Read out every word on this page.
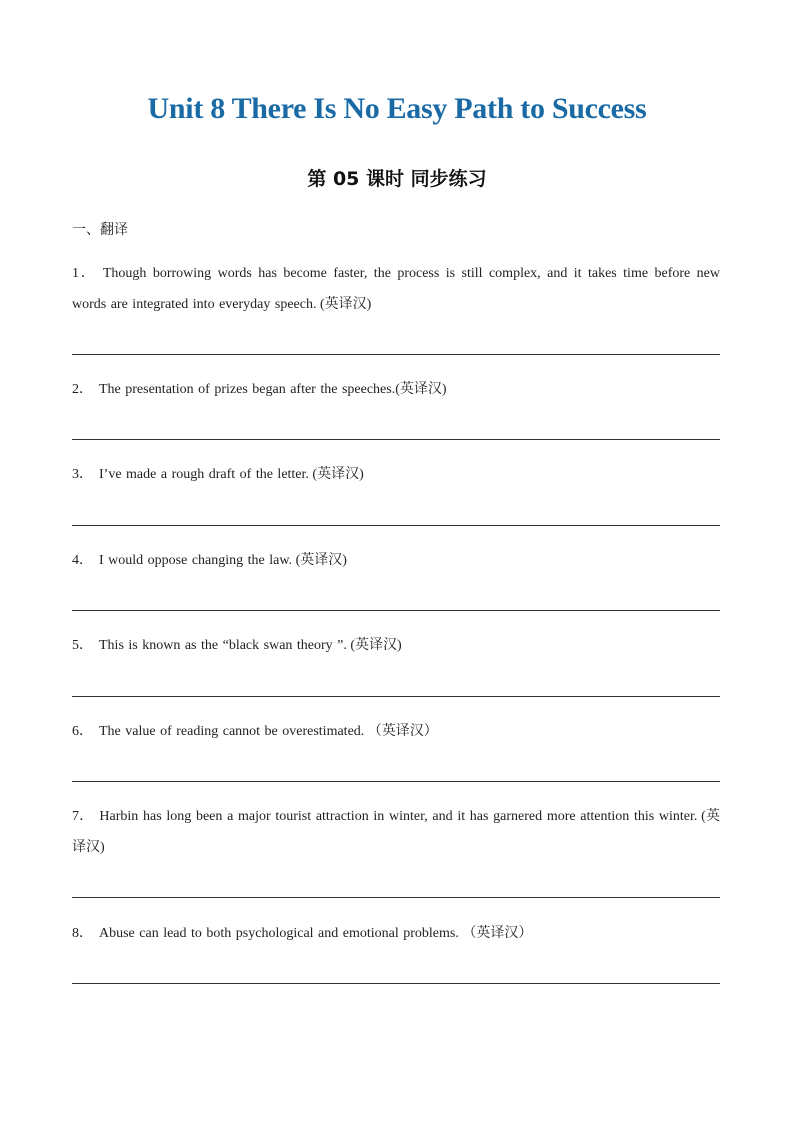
Unit 8 There Is No Easy Path to Success
第 05 课时 同步练习
一、翻译
1． Though borrowing words has become faster, the process is still complex, and it takes time before new words are integrated into everyday speech. (英译汉)
2． The presentation of prizes began after the speeches.(英译汉)
3． I’ve made a rough draft of the letter. (英译汉)
4． I would oppose changing the law. (英译汉)
5． This is known as the “black swan theory ”. (英译汉)
6． The value of reading cannot be overestimated. （英译汉）
7． Harbin has long been a major tourist attraction in winter, and it has garnered more attention this winter. (英译汉)
8． Abuse can lead to both psychological and emotional problems. （英译汉）
